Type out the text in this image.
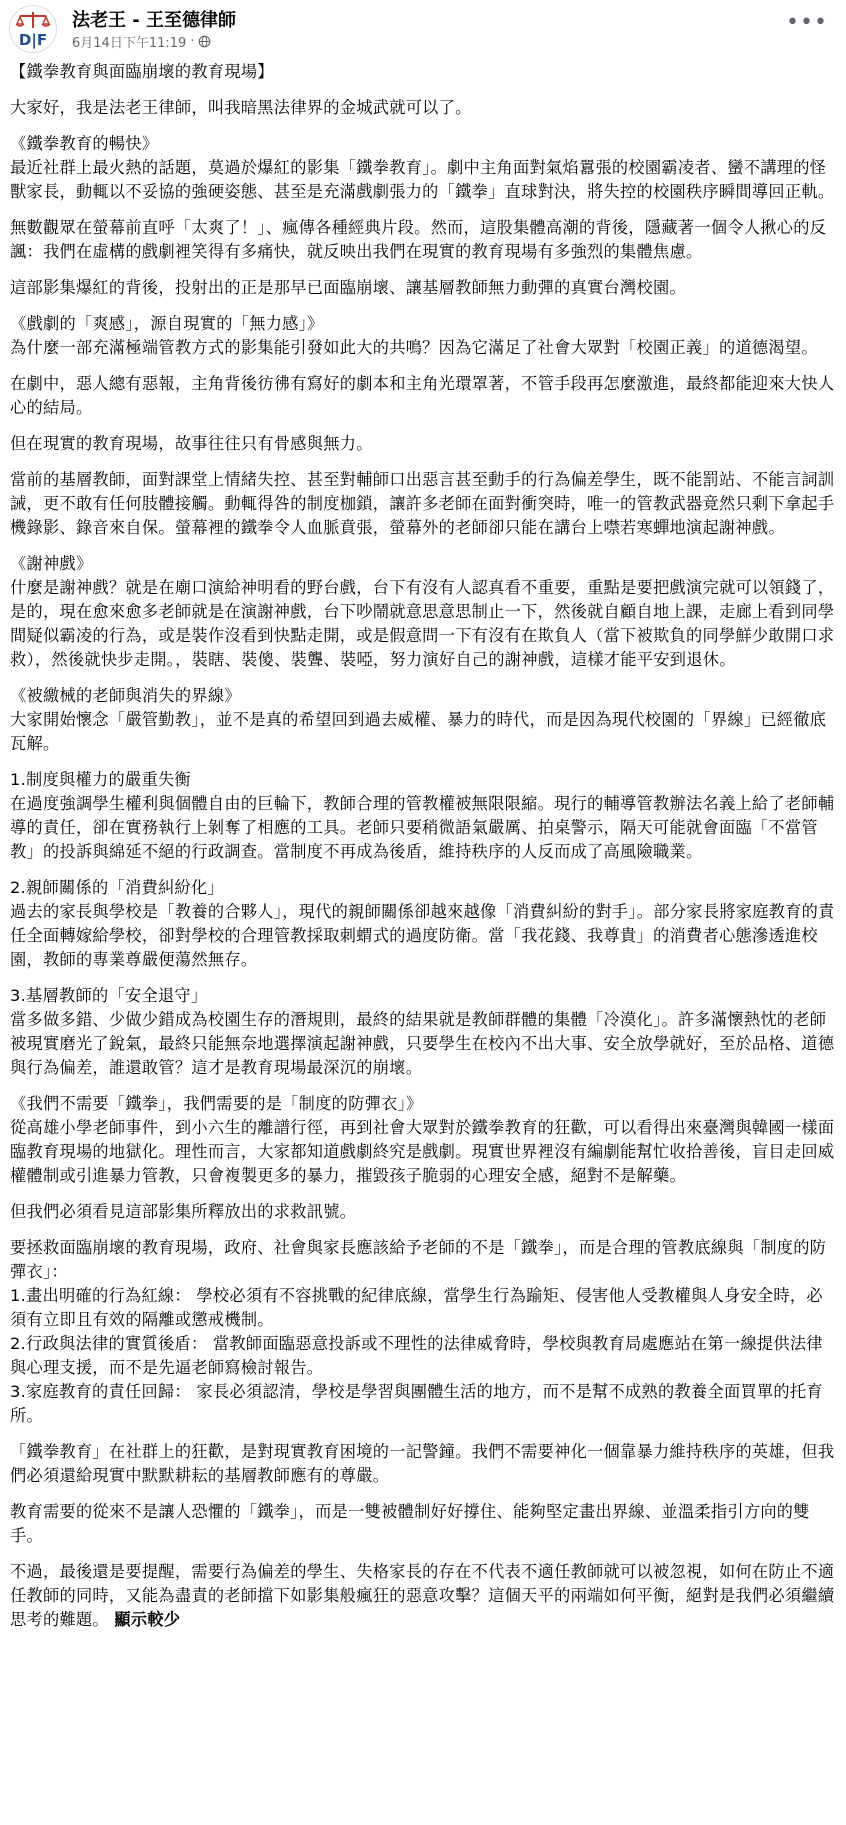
D|F
法老王 - 王至德律師
6月14日下午11:19 ·
•••

【鐵拳教育與面臨崩壞的教育現場】

大家好，我是法老王律師，叫我暗黑法律界的金城武就可以了。

《鐵拳教育的暢快》
最近社群上最火熱的話題，莫過於爆紅的影集「鐵拳教育」。劇中主角面對氣焰囂張的校園霸凌者、蠻不講理的怪獸家長，動輒以不妥協的強硬姿態、甚至是充滿戲劇張力的「鐵拳」直球對決，將失控的校園秩序瞬間導回正軌。

無數觀眾在螢幕前直呼「太爽了！」、瘋傳各種經典片段。然而，這股集體高潮的背後，隱藏著一個令人揪心的反諷：我們在虛構的戲劇裡笑得有多痛快，就反映出我們在現實的教育現場有多強烈的集體焦慮。

這部影集爆紅的背後，投射出的正是那早已面臨崩壞、讓基層教師無力動彈的真實台灣校園。

《戲劇的「爽感」，源自現實的「無力感」》
為什麼一部充滿極端管教方式的影集能引發如此大的共鳴？因為它滿足了社會大眾對「校園正義」的道德渴望。

在劇中，惡人總有惡報，主角背後彷彿有寫好的劇本和主角光環罩著，不管手段再怎麼激進，最終都能迎來大快人心的結局。

但在現實的教育現場，故事往往只有骨感與無力。

當前的基層教師，面對課堂上情緒失控、甚至對輔師口出惡言甚至動手的行為偏差學生，既不能罰站、不能言詞訓誡，更不敢有任何肢體接觸。動輒得咎的制度枷鎖，讓許多老師在面對衝突時，唯一的管教武器竟然只剩下拿起手機錄影、錄音來自保。螢幕裡的鐵拳令人血脈賁張，螢幕外的老師卻只能在講台上噤若寒蟬地演起謝神戲。

《謝神戲》
什麼是謝神戲？就是在廟口演給神明看的野台戲，台下有沒有人認真看不重要，重點是要把戲演完就可以領錢了，是的，現在愈來愈多老師就是在演謝神戲，台下吵鬧就意思意思制止一下，然後就自顧自地上課，走廊上看到同學間疑似霸凌的行為，或是裝作沒看到快點走開，或是假意問一下有沒有在欺負人（當下被欺負的同學鮮少敢開口求救），然後就快步走開。，裝瞎、裝傻、裝聾、裝啞，努力演好自己的謝神戲，這樣才能平安到退休。

《被繳械的老師與消失的界線》
大家開始懷念「嚴管勤教」，並不是真的希望回到過去威權、暴力的時代，而是因為現代校園的「界線」已經徹底瓦解。

1.制度與權力的嚴重失衡
在過度強調學生權利與個體自由的巨輪下，教師合理的管教權被無限限縮。現行的輔導管教辦法名義上給了老師輔導的責任，卻在實務執行上剝奪了相應的工具。老師只要稍微語氣嚴厲、拍桌警示，隔天可能就會面臨「不當管教」的投訴與綿延不絕的行政調查。當制度不再成為後盾，維持秩序的人反而成了高風險職業。

2.親師關係的「消費糾紛化」
過去的家長與學校是「教養的合夥人」，現代的親師關係卻越來越像「消費糾紛的對手」。部分家長將家庭教育的責任全面轉嫁給學校，卻對學校的合理管教採取刺蝟式的過度防衛。當「我花錢、我尊貴」的消費者心態滲透進校園，教師的專業尊嚴便蕩然無存。

3.基層教師的「安全退守」
當多做多錯、少做少錯成為校園生存的潛規則，最終的結果就是教師群體的集體「冷漠化」。許多滿懷熱忱的老師被現實磨光了銳氣，最終只能無奈地選擇演起謝神戲，只要學生在校內不出大事、安全放學就好，至於品格、道德與行為偏差，誰還敢管？這才是教育現場最深沉的崩壞。

《我們不需要「鐵拳」，我們需要的是「制度的防彈衣」》
從高雄小學老師事件，到小六生的離譜行徑，再到社會大眾對於鐵拳教育的狂歡，可以看得出來臺灣與韓國一樣面臨教育現場的地獄化。理性而言，大家都知道戲劇終究是戲劇。現實世界裡沒有編劇能幫忙收拾善後，盲目走回威權體制或引進暴力管教，只會複製更多的暴力，摧毀孩子脆弱的心理安全感，絕對不是解藥。

但我們必須看見這部影集所釋放出的求救訊號。

要拯救面臨崩壞的教育現場，政府、社會與家長應該給予老師的不是「鐵拳」，而是合理的管教底線與「制度的防彈衣」：
1.畫出明確的行為紅線： 學校必須有不容挑戰的紀律底線，當學生行為踰矩、侵害他人受教權與人身安全時，必須有立即且有效的隔離或懲戒機制。
2.行政與法律的實質後盾： 當教師面臨惡意投訴或不理性的法律威脅時，學校與教育局處應站在第一線提供法律與心理支援，而不是先逼老師寫檢討報告。
3.家庭教育的責任回歸： 家長必須認清，學校是學習與團體生活的地方，而不是幫不成熟的教養全面買單的托育所。

「鐵拳教育」在社群上的狂歡，是對現實教育困境的一記警鐘。我們不需要神化一個靠暴力維持秩序的英雄，但我們必須還給現實中默默耕耘的基層教師應有的尊嚴。

教育需要的從來不是讓人恐懼的「鐵拳」，而是一雙被體制好好撐住、能夠堅定畫出界線、並溫柔指引方向的雙手。

不過，最後還是要提醒，需要行為偏差的學生、失格家長的存在不代表不適任教師就可以被忽視，如何在防止不適任教師的同時，又能為盡責的老師擋下如影集般瘋狂的惡意攻擊？這個天平的兩端如何平衡，絕對是我們必須繼續思考的難題。 顯示較少
